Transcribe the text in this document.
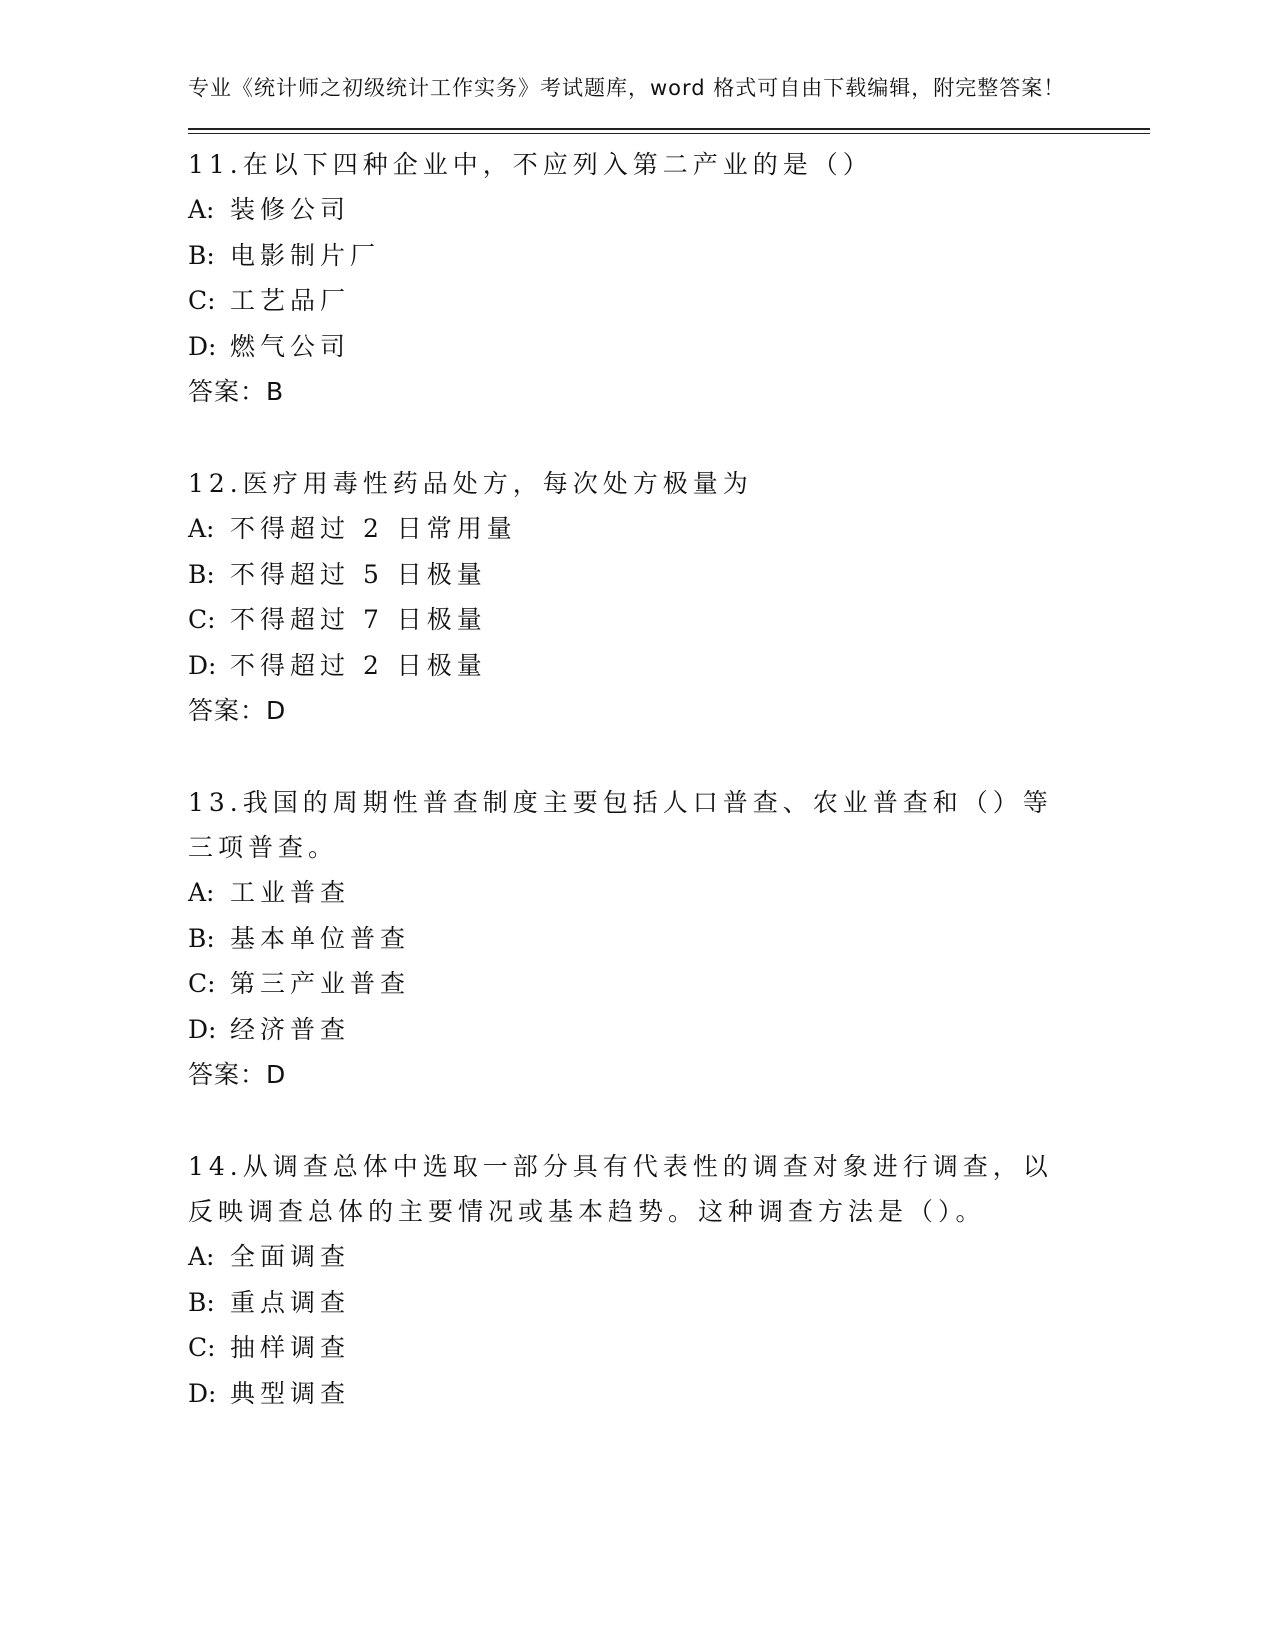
专业《统计师之初级统计工作实务》考试题库，word 格式可自由下载编辑，附完整答案！

11.在以下四种企业中，不应列入第二产业的是（）

A: 装修公司

B: 电影制片厂

C: 工艺品厂

D: 燃气公司

答案：B

12.医疗用毒性药品处方，每次处方极量为

A: 不得超过 2 日常用量

B: 不得超过 5 日极量

C: 不得超过 7 日极量

D: 不得超过 2 日极量

答案：D

13.我国的周期性普查制度主要包括人口普查、农业普查和（）等三项普查。

A: 工业普查

B: 基本单位普查

C: 第三产业普查

D: 经济普查

答案：D

14.从调查总体中选取一部分具有代表性的调查对象进行调查，以反映调查总体的主要情况或基本趋势。这种调查方法是（）。

A: 全面调查

B: 重点调查

C: 抽样调查

D: 典型调查
